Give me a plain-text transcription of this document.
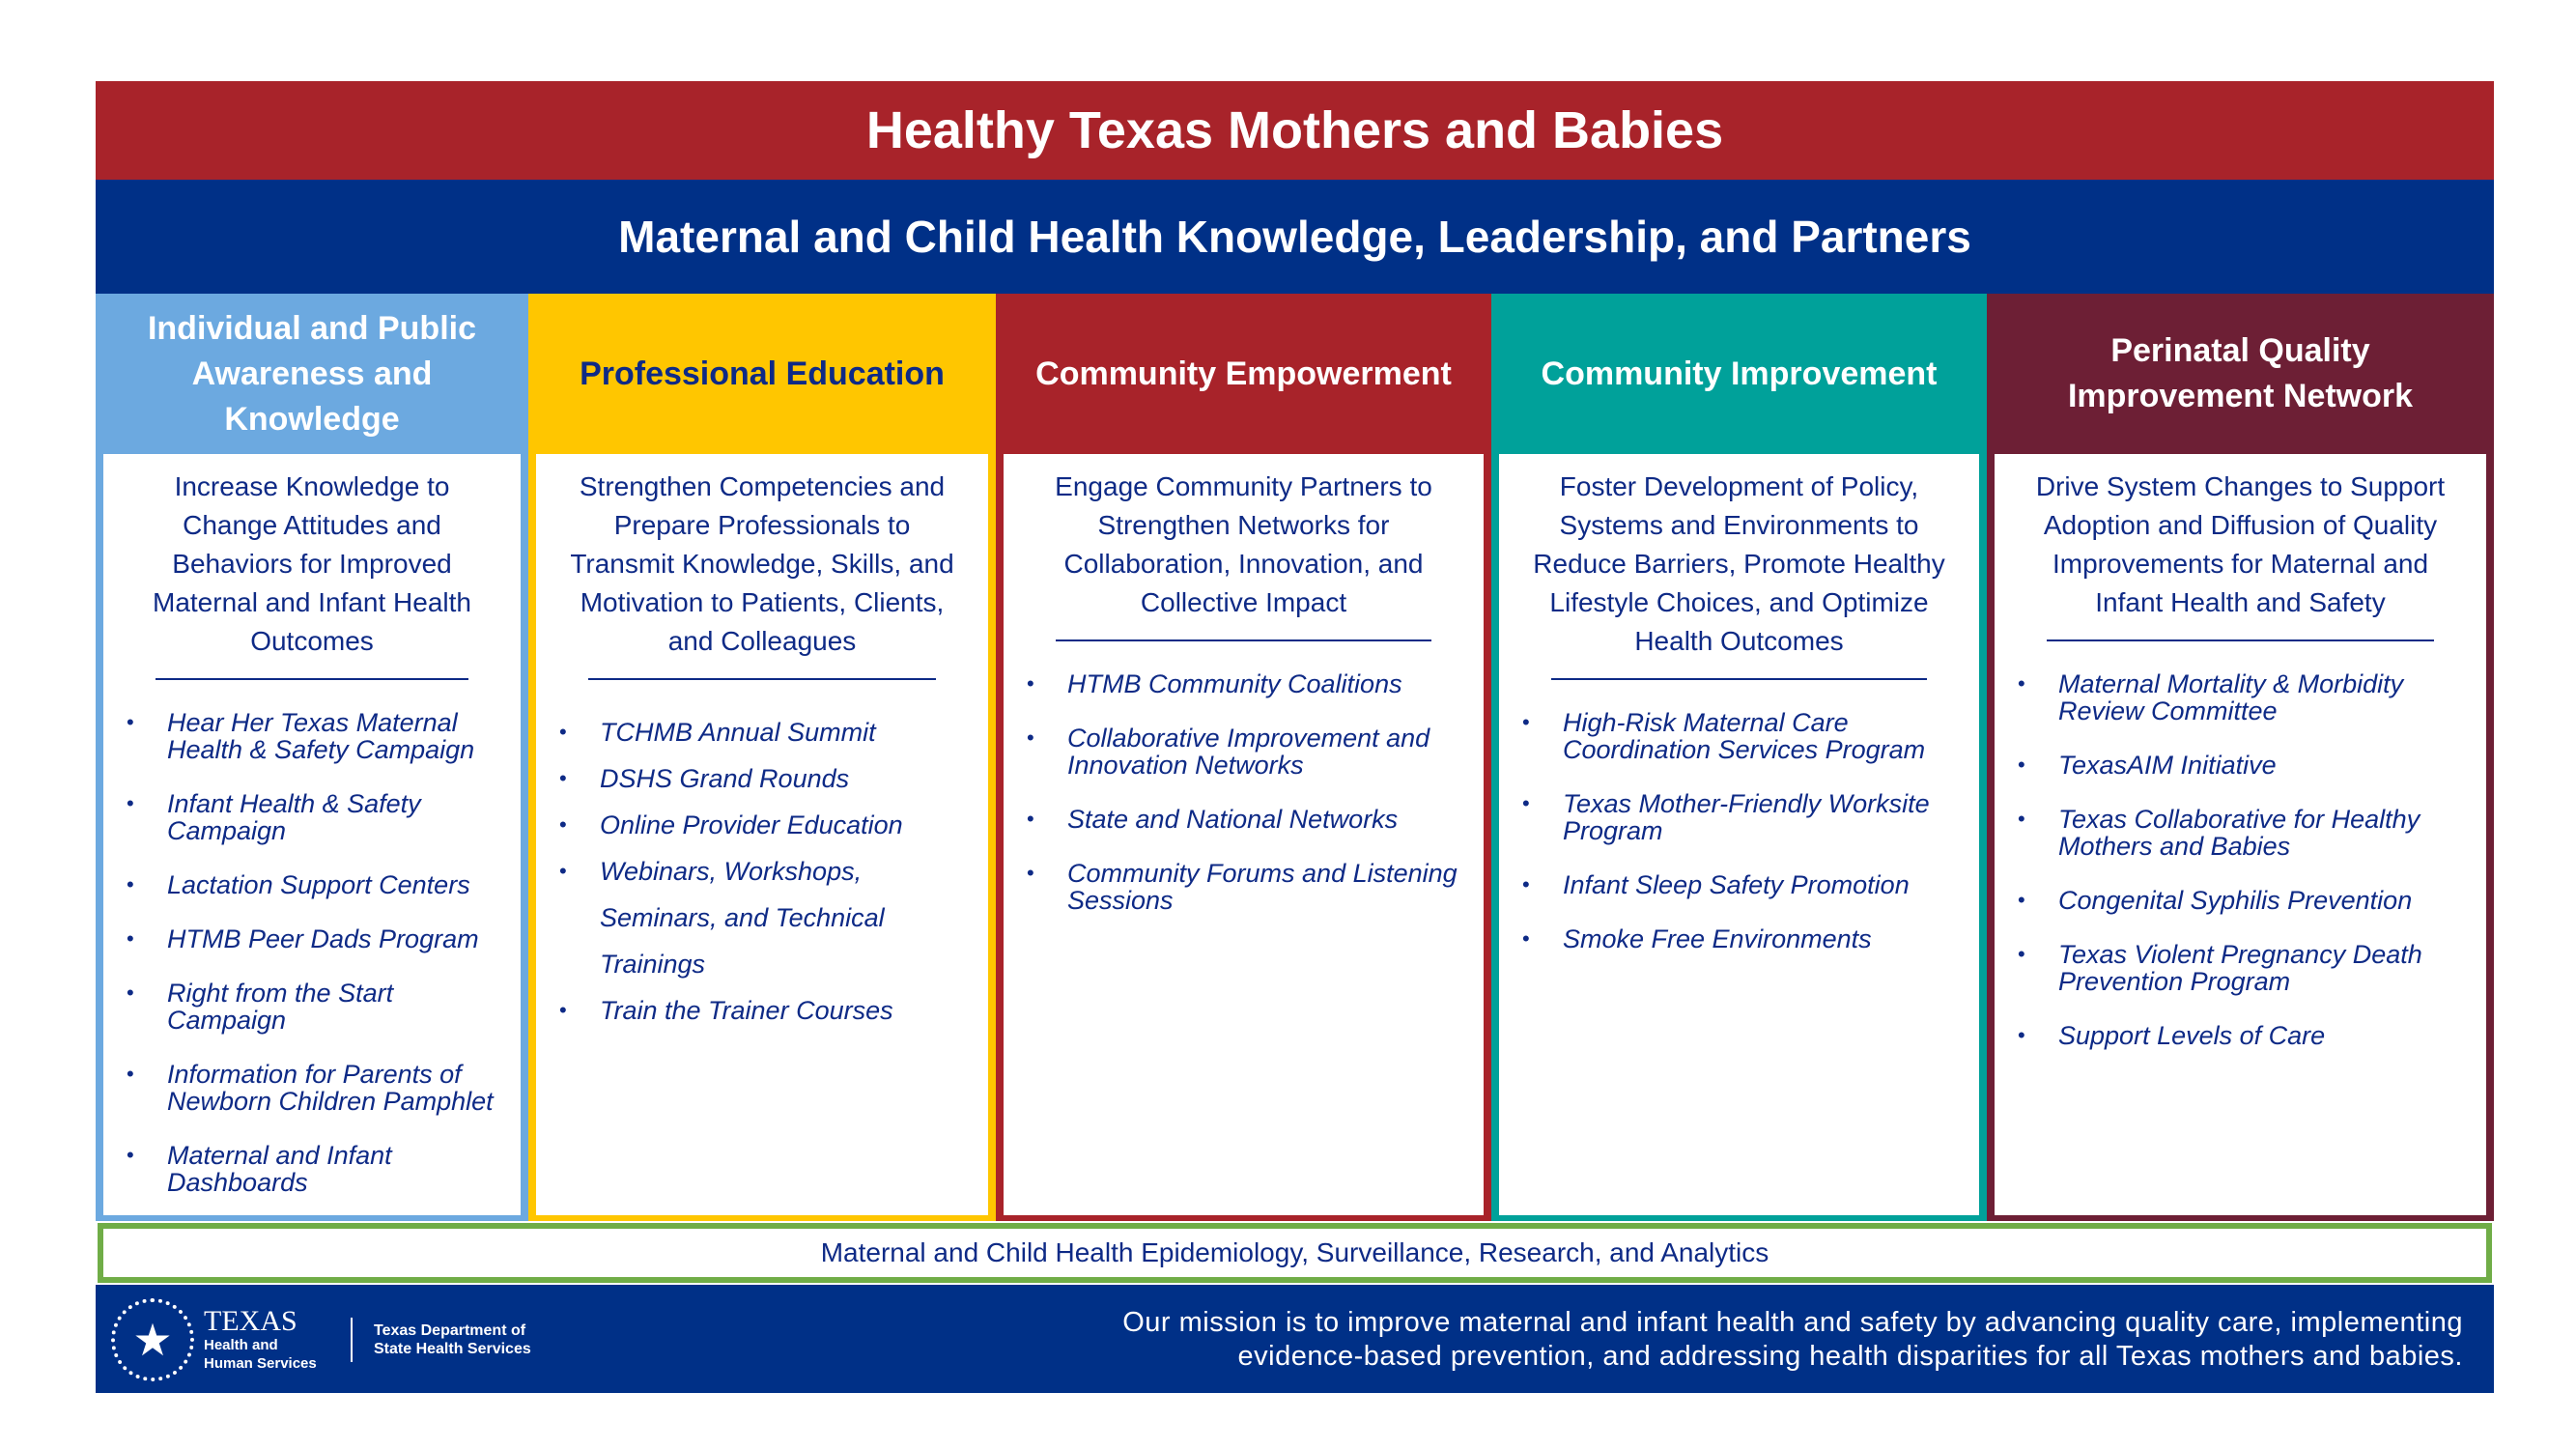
Healthy Texas Mothers and Babies
Maternal and Child Health Knowledge, Leadership, and Partners
Individual and Public Awareness and Knowledge
Increase Knowledge to Change Attitudes and Behaviors for Improved Maternal and Infant Health Outcomes
•	Hear Her Texas Maternal Health & Safety Campaign
•	Infant Health & Safety Campaign
•	Lactation Support Centers
•	HTMB Peer Dads Program
•	Right from the Start Campaign
•	Information for Parents of Newborn Children Pamphlet
•	Maternal and Infant Dashboards
Professional Education
Strengthen Competencies and Prepare Professionals to Transmit Knowledge, Skills, and Motivation to Patients, Clients, and Colleagues
•	TCHMB Annual Summit
•	DSHS Grand Rounds
•	Online Provider Education
•	Webinars, Workshops, Seminars, and Technical Trainings
•	Train the Trainer Courses
Community Empowerment
Engage Community Partners to Strengthen Networks for Collaboration, Innovation, and Collective Impact
•	HTMB Community Coalitions
•	Collaborative Improvement and Innovation Networks
•	State and National Networks
•	Community Forums and Listening Sessions
Community Improvement
Foster Development of Policy, Systems and Environments to Reduce Barriers, Promote Healthy Lifestyle Choices, and Optimize Health Outcomes
•	High-Risk Maternal Care Coordination Services Program
•	Texas Mother-Friendly Worksite Program
•	Infant Sleep Safety Promotion
•	Smoke Free Environments
Perinatal Quality Improvement Network
Drive System Changes to Support Adoption and Diffusion of Quality Improvements for Maternal and Infant Health and Safety
•	Maternal Mortality & Morbidity Review Committee
•	TexasAIM Initiative
•	Texas Collaborative for Healthy Mothers and Babies
•	Congenital Syphilis Prevention
•	Texas Violent Pregnancy Death Prevention Program
•	Support Levels of Care
Maternal and Child Health Epidemiology, Surveillance, Research, and Analytics
★	TEXAS
Health and Human Services
Texas Department of State Health Services
Our mission is to improve maternal and infant health and safety by advancing quality care, implementing evidence-based prevention, and addressing health disparities for all Texas mothers and babies.
